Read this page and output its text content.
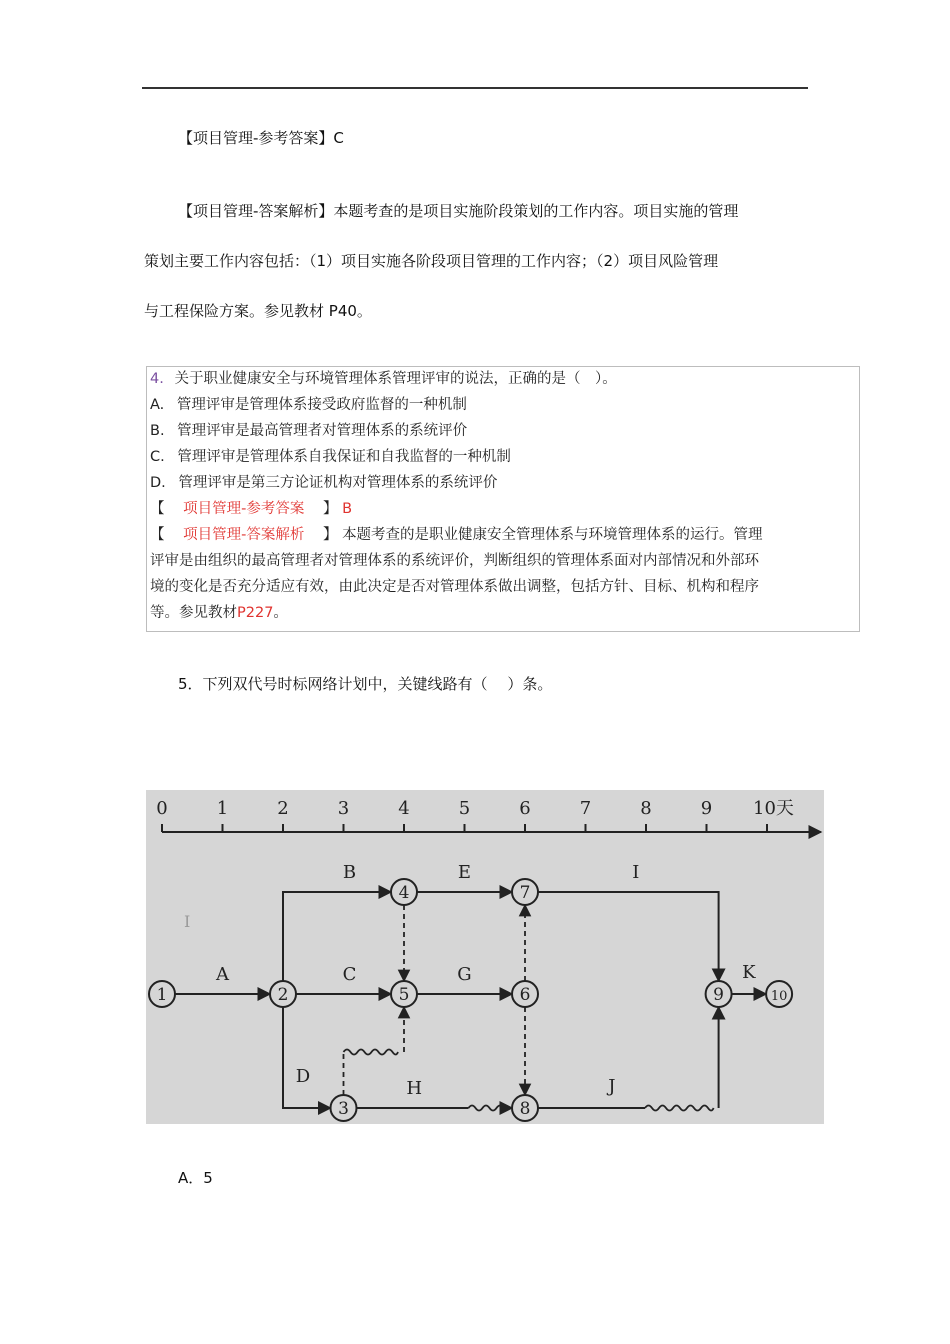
【项目管理-参考答案】C
【项目管理-答案解析】本题考查的是项目实施阶段策划的工作内容。项目实施的管理
策划主要工作内容包括：（1）项目实施各阶段项目管理的工作内容；（2）项目风险管理
与工程保险方案。参见教材 P40。
4. 关于职业健康安全与环境管理体系管理评审的说法，正确的是（　）。
A. 管理评审是管理体系接受政府监督的一种机制
B. 管理评审是最高管理者对管理体系的系统评价
C. 管理评审是管理体系自我保证和自我监督的一种机制
D. 管理评审是第三方论证机构对管理体系的系统评价
【 项目管理-参考答案 】 B
【 项目管理-答案解析 】 本题考查的是职业健康安全管理体系与环境管理体系的运行。管理
评审是由组织的最高管理者对管理体系的系统评价，判断组织的管理体系面对内部情况和外部环
境的变化是否充分适应有效，由此决定是否对管理体系做出调整，包括方针、目标、机构和程序
等。参见教材P227。
5．下列双代号时标网络计划中，关键线路有（　 ）条。
0	1	2	3	4	5	6	7	8	9 10天
1	2
3
4
5	6
7
8
9	10
A
B
C
D
E
G
H
I
J
K
I
A．5
